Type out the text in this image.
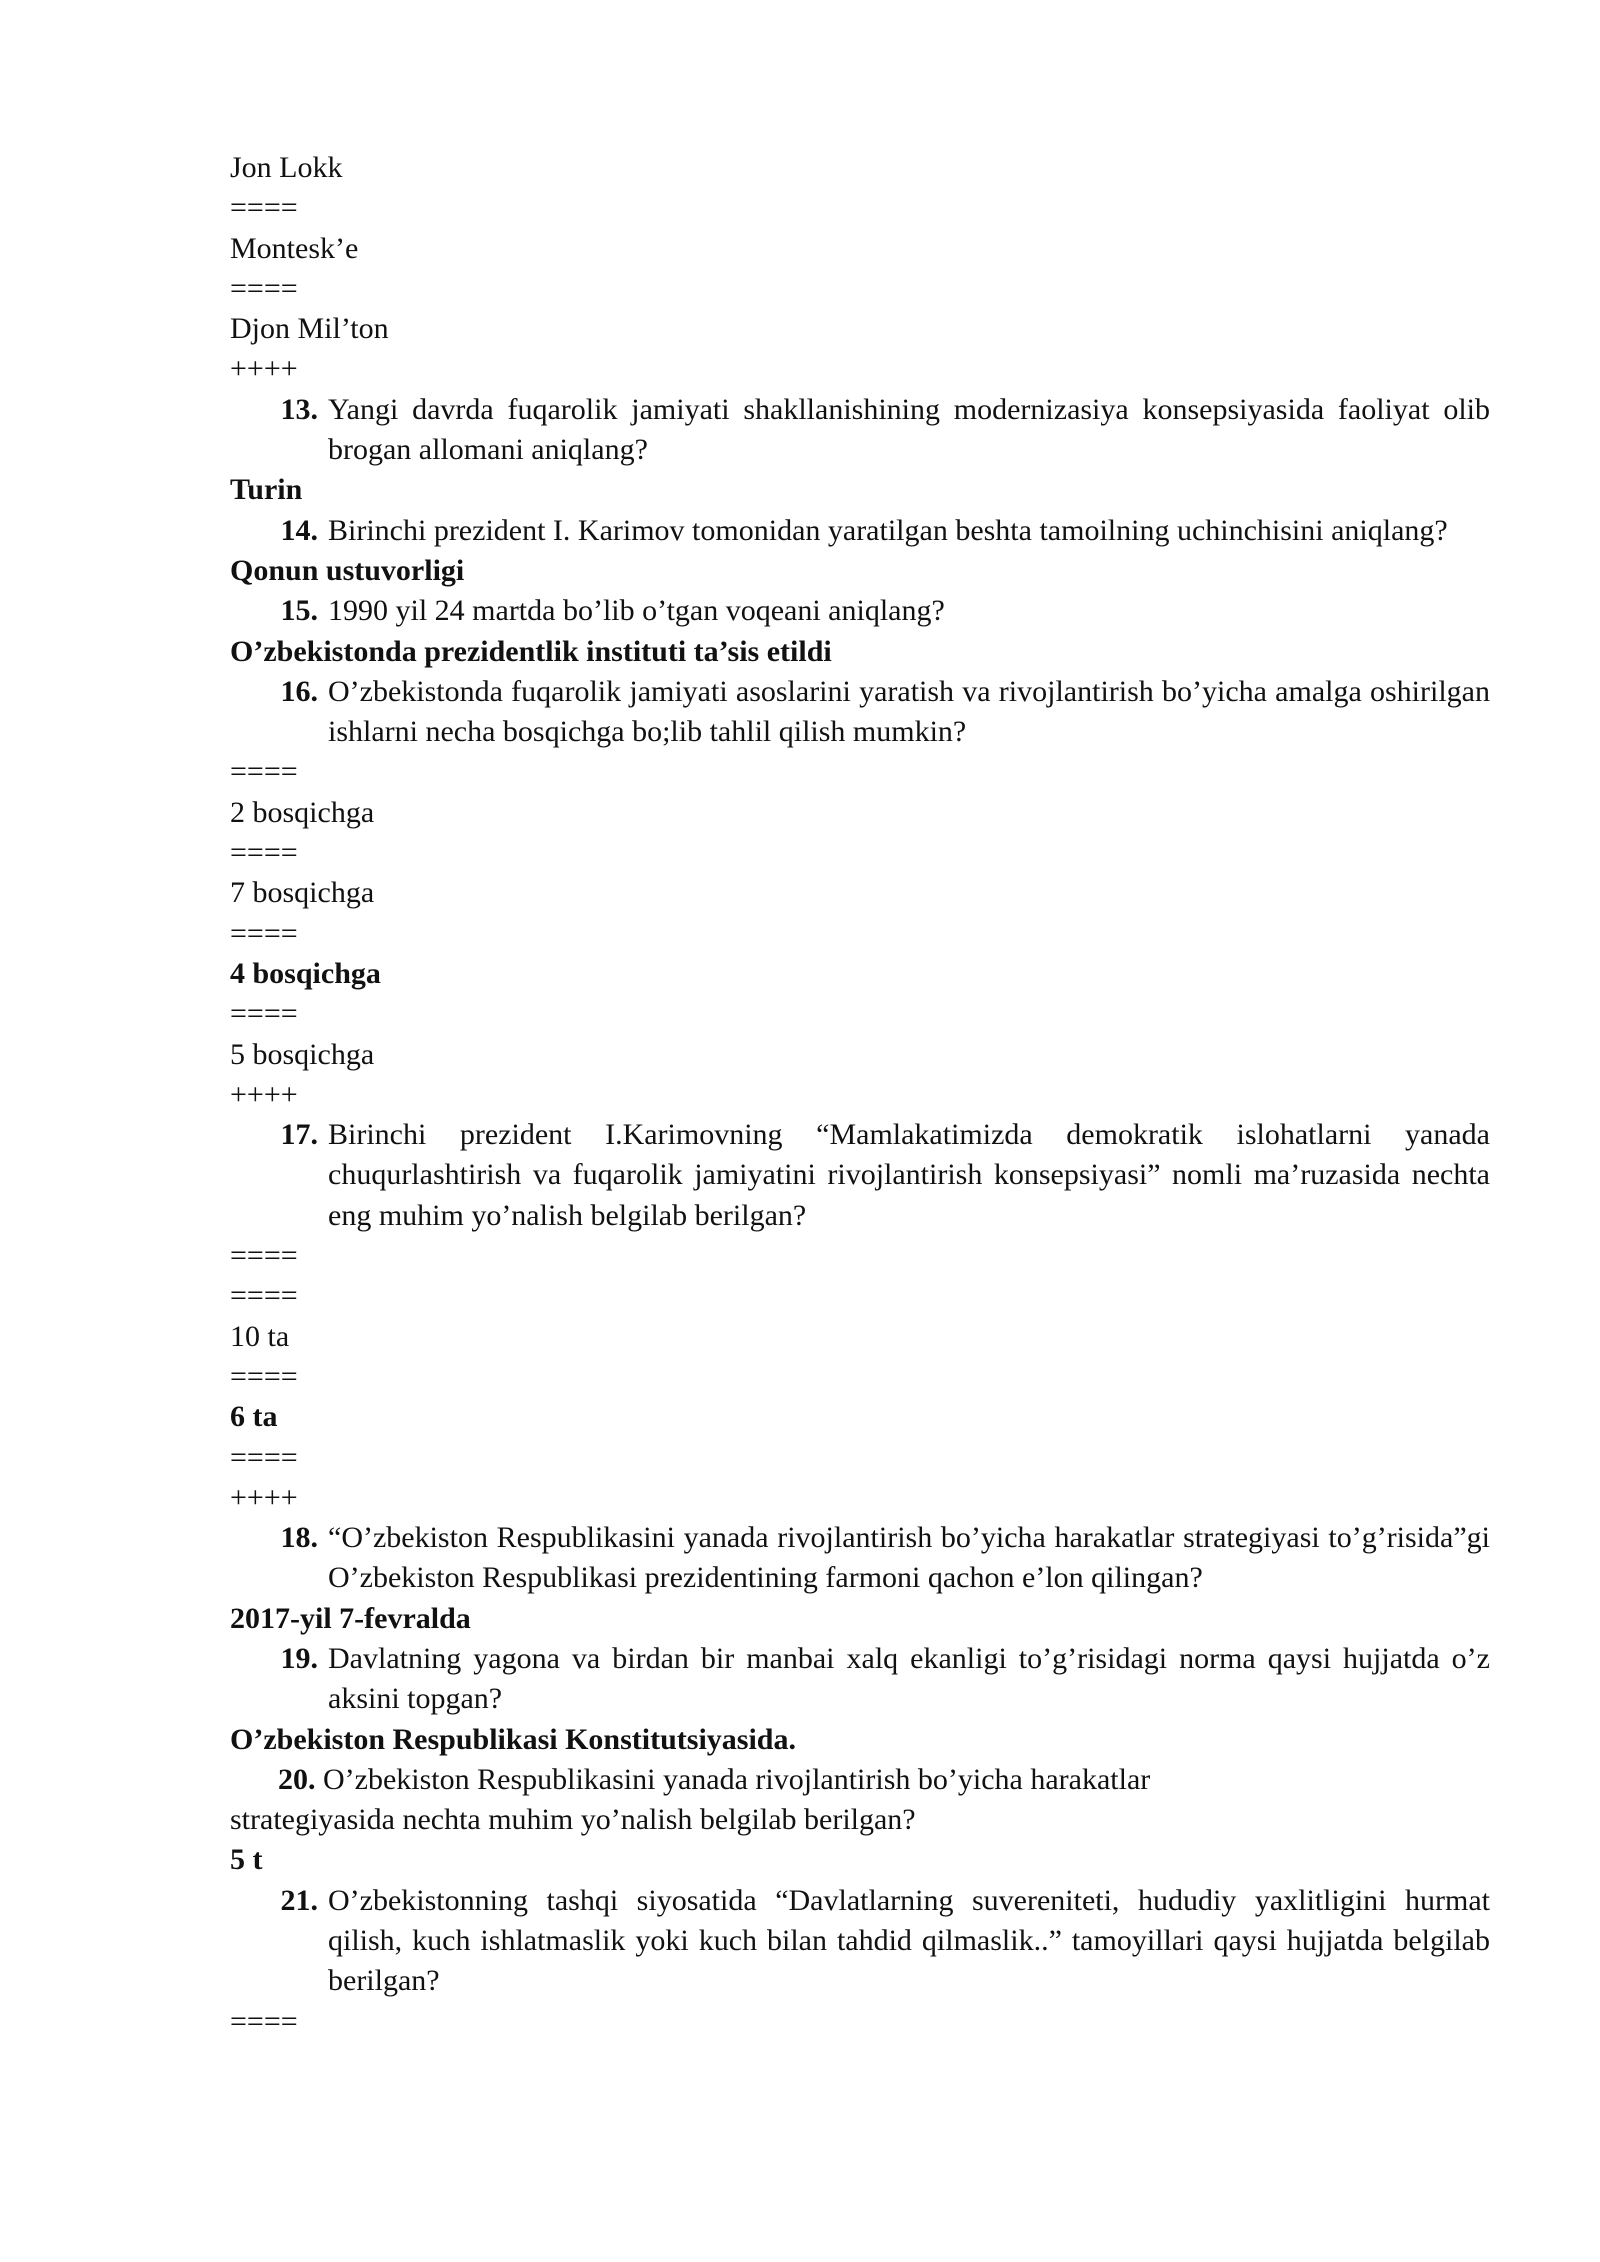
Jon Lokk
====
Montesk’e
====
Djon Mil’ton
++++
13. Yangi davrda fuqarolik jamiyati shakllanishining modernizasiya konsepsiyasida faoliyat olib brogan allomani aniqlang?
Turin
14. Birinchi prezident I. Karimov tomonidan yaratilgan beshta tamoilning uchinchisini aniqlang?
Qonun ustuvorligi
15. 1990 yil 24 martda bo’lib o’tgan voqeani aniqlang?
O’zbekistonda prezidentlik instituti ta’sis etildi
16. O’zbekistonda fuqarolik jamiyati asoslarini yaratish va rivojlantirish bo’yicha amalga oshirilgan ishlarni necha bosqichga bo;lib tahlil qilish mumkin?
====
2 bosqichga
====
7 bosqichga
====
4 bosqichga
====
5 bosqichga
++++
17. Birinchi prezident I.Karimovning “Mamlakatimizda demokratik islohatlarni yanada chuqurlashtirish va fuqarolik jamiyatini rivojlantirish konsepsiyasi” nomli ma’ruzasida nechta eng muhim yo’nalish belgilab berilgan?
====
====
10 ta
====
6 ta
====
++++
18. “O’zbekiston Respublikasini yanada rivojlantirish bo’yicha harakatlar strategiyasi to’g’risida”gi O’zbekiston Respublikasi prezidentining farmoni qachon e’lon qilingan?
2017-yil 7-fevralda
19. Davlatning yagona va birdan bir manbai xalq ekanligi to’g’risidagi norma qaysi hujjatda o’z aksini topgan?
O’zbekiston Respublikasi Konstitutsiyasida.
20. O’zbekiston Respublikasini yanada rivojlantirish bo’yicha harakatlar
strategiyasida nechta muhim yo’nalish belgilab berilgan?
5 t
21. O’zbekistonning tashqi siyosatida “Davlatlarning suvereniteti, hududiy yaxlitligini hurmat qilish, kuch ishlatmaslik yoki kuch bilan tahdid qilmaslik..” tamoyillari qaysi hujjatda belgilab berilgan?
====
